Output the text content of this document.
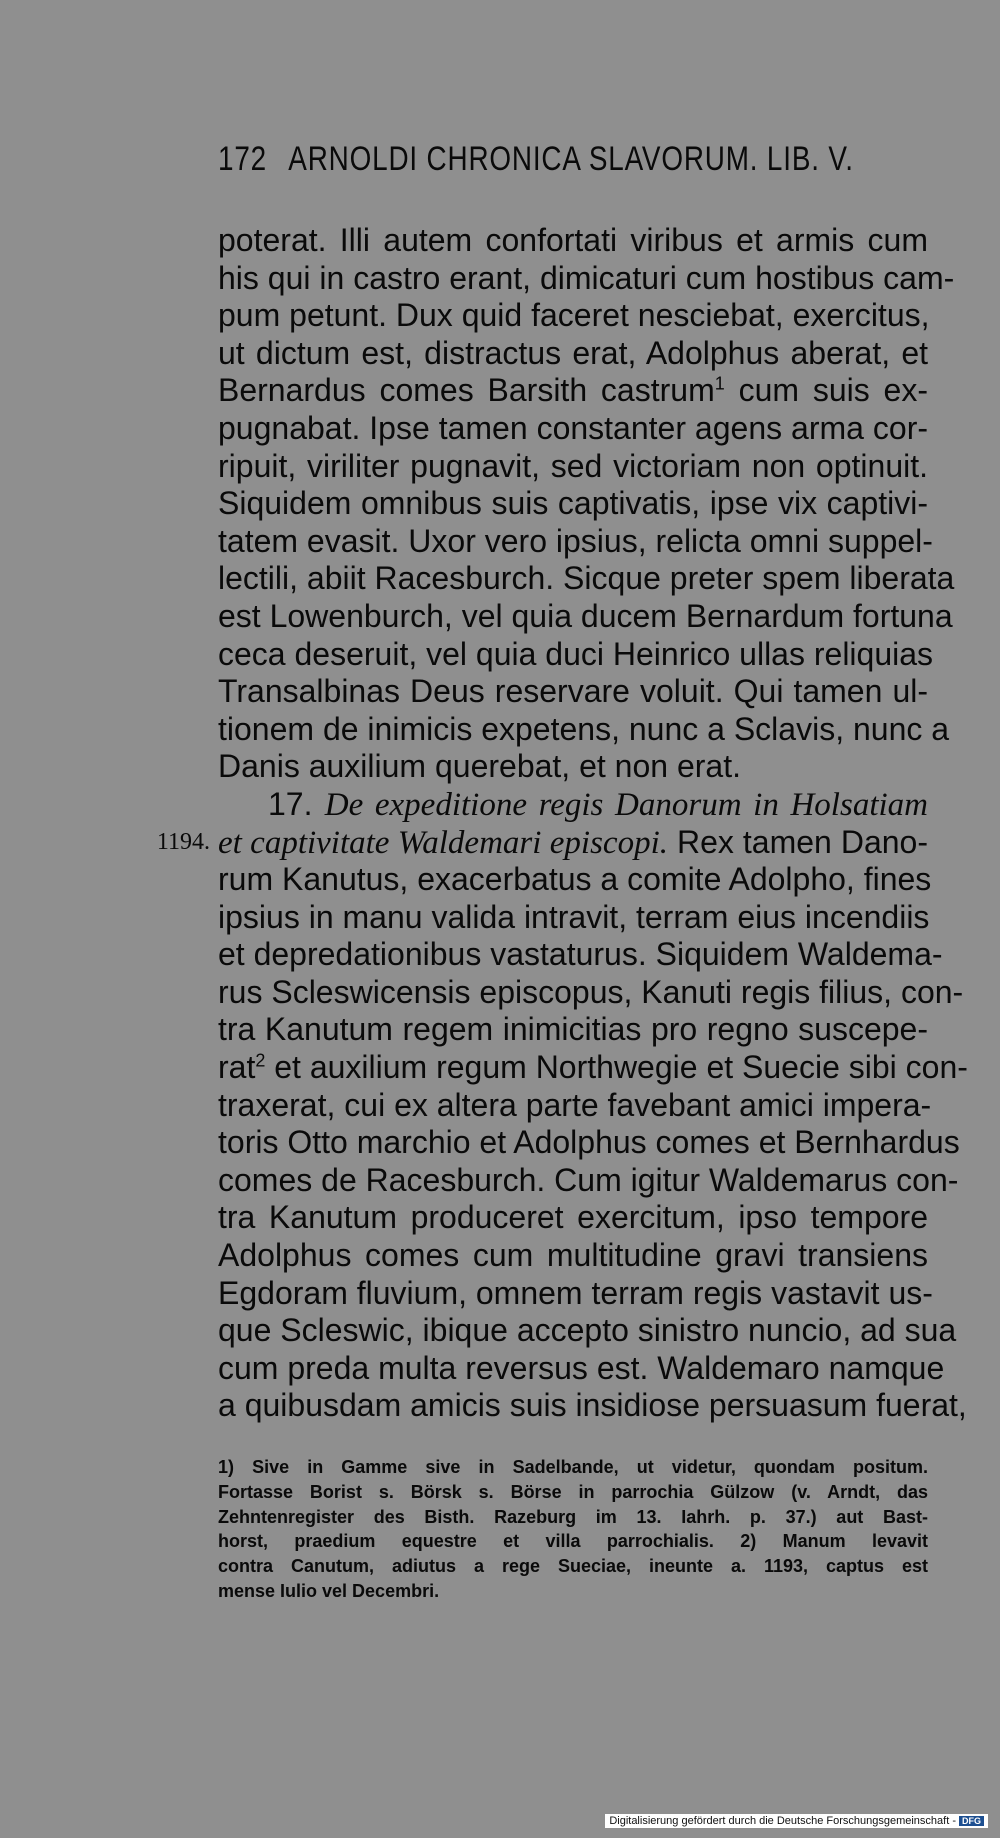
172 ARNOLDI CHRONICA SLAVORUM. LIB. V.
poterat. Illi autem confortati viribus et armis cum
his qui in castro erant, dimicaturi cum hostibus cam-
pum petunt. Dux quid faceret nesciebat, exercitus,
ut dictum est, distractus erat, Adolphus aberat, et
Bernardus comes Barsith castrum$^1$ cum suis ex-
pugnabat. Ipse tamen constanter agens arma cor-
ripuit, viriliter pugnavit, sed victoriam non optinuit.
Siquidem omnibus suis captivatis, ipse vix captivi-
tatem evasit. Uxor vero ipsius, relicta omni suppel-
lectili, abiit Racesburch. Sicque preter spem liberata
est Lowenburch, vel quia ducem Bernardum fortuna
ceca deseruit, vel quia duci Heinrico ullas reliquias
Transalbinas Deus reservare voluit. Qui tamen ul-
tionem de inimicis expetens, nunc a Sclavis, nunc a
Danis auxilium querebat, et non erat.
17. De expeditione regis Danorum in Holsatiam
1194. et captivitate Waldemari episcopi. Rex tamen Dano-
rum Kanutus, exacerbatus a comite Adolpho, fines
ipsius in manu valida intravit, terram eius incendiis
et depredationibus vastaturus. Siquidem Waldema-
rus Scleswicensis episcopus, Kanuti regis filius, con-
tra Kanutum regem inimicitias pro regno suscepe-
rat$^2$ et auxilium regum Northwegie et Suecie sibi con-
traxerat, cui ex altera parte favebant amici impera-
toris Otto marchio et Adolphus comes et Bernhardus
comes de Racesburch. Cum igitur Waldemarus con-
tra Kanutum produceret exercitum, ipso tempore
Adolphus comes cum multitudine gravi transiens
Egdoram fluvium, omnem terram regis vastavit us-
que Scleswic, ibique accepto sinistro nuncio, ad sua
cum preda multa reversus est. Waldemaro namque
a quibusdam amicis suis insidiose persuasum fuerat,
1) Sive in Gamme sive in Sadelbande, ut videtur, quondam positum.
Fortasse Borist s. Börsk s. Börse in parrochia Gülzow (v. Arndt, das
Zehntenregister des Bisth. Razeburg im 13. Iahrh. p. 37.) aut Bast-
horst, praedium equestre et villa parrochialis. 2) Manum levavit
contra Canutum, adiutus a rege Sueciae, ineunte a. 1193, captus est
mense Iulio vel Decembri.
Digitalisierung gefördert durch die Deutsche Forschungsgemeinschaft - DFG
